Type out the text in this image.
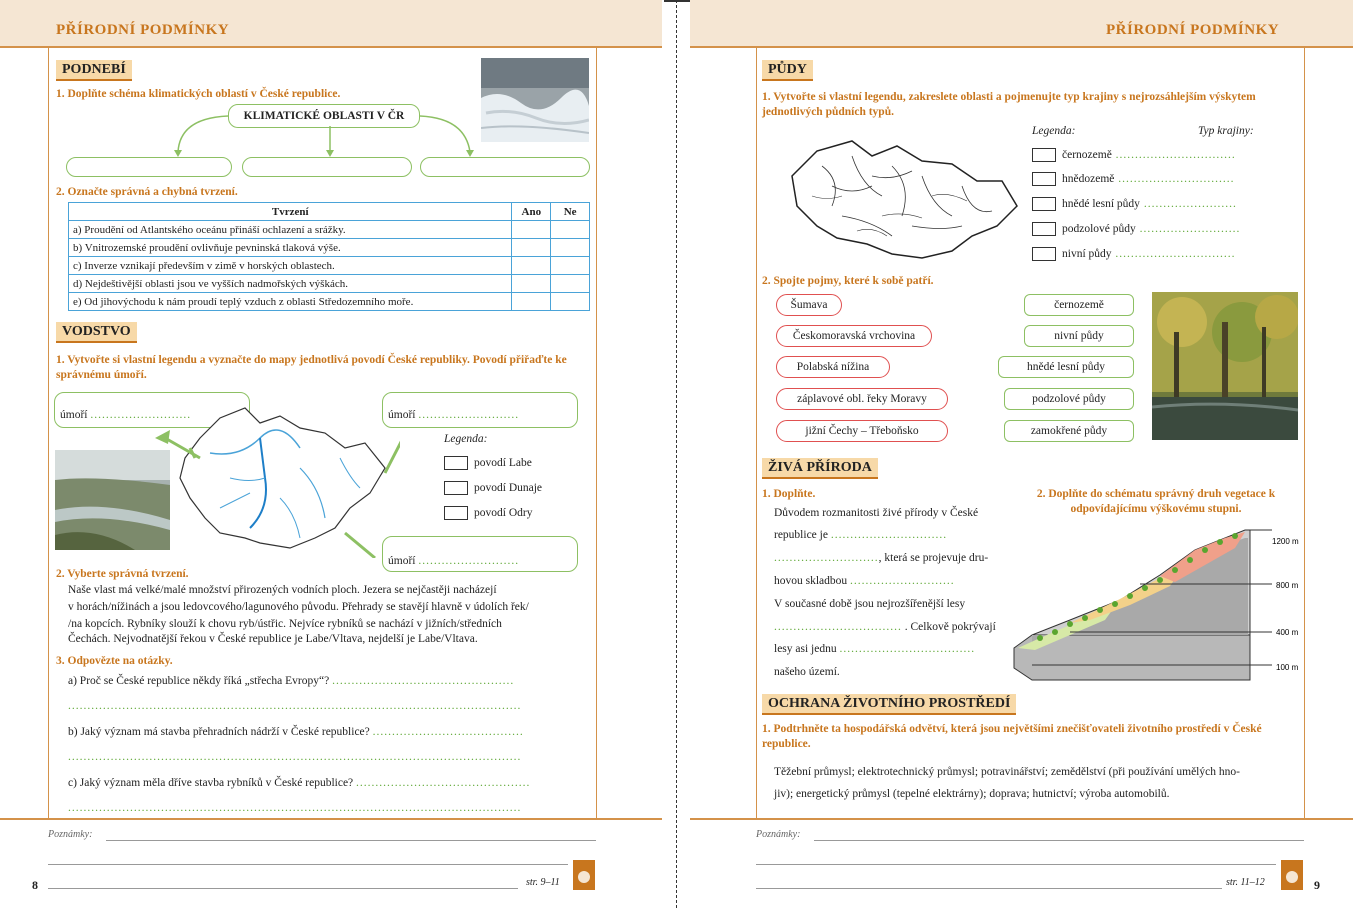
PŘÍRODNÍ PODMÍNKY
PODNEBÍ
1. Doplňte schéma klimatických oblastí v České republice.
KLIMATICKÉ OBLASTI V ČR
2. Označte správná a chybná tvrzení.
Tvrzení	Ano	Ne
a) Proudění od Atlantského oceánu přináší ochlazení a srážky.		
b) Vnitrozemské proudění ovlivňuje pevninská tlaková výše.		
c) Inverze vznikají především v zimě v horských oblastech.		
d) Nejdeštivější oblasti jsou ve vyšších nadmořských výškách.		
e) Od jihovýchodu k nám proudí teplý vzduch z oblasti Středozemního moře.		
VODSTVO
1. Vytvořte si vlastní legendu a vyznačte do mapy jednotlivá povodí České republiky. Povodí přiřaďte ke správnému úmoří.
úmoří ..........................	úmoří ..........................
úmoří ..........................
Legenda:
povodí Labe
povodí Dunaje
povodí Odry
2. Vyberte správná tvrzení.
Naše vlast má velké/malé množství přirozených vodních ploch. Jezera se nejčastěji nacházejí
v horách/nížinách a jsou ledovcového/lagunového původu. Přehrady se stavějí hlavně v údolích řek/
/na kopcích. Rybníky slouží k chovu ryb/ústřic. Nejvíce rybníků se nachází v jižních/středních
Čechách. Nejvodnatější řekou v České republice je Labe/Vltava, nejdelší je Labe/Vltava.
3. Odpovězte na otázky.
a) Proč se České republice někdy říká „střecha Evropy“? ...............................................
.....................................................................................................................
b) Jaký význam má stavba přehradních nádrží v České republice? .......................................
.....................................................................................................................
c) Jaký význam měla dříve stavba rybníků v České republice? .............................................
.....................................................................................................................
Poznámky:
str. 9–11
8
PŘÍRODNÍ PODMÍNKY
PŮDY
1. Vytvořte si vlastní legendu, zakreslete oblasti a pojmenujte typ krajiny s nejrozsáhlejším výskytem jednotlivých půdních typů.
Legenda:	Typ krajiny:
černozemě ...............................
hnědozemě ..............................
hnědé lesní půdy ........................
podzolové půdy ..........................
nivní půdy ...............................
2. Spojte pojmy, které k sobě patří.
Šumava
Českomoravská vrchovina
Polabská nížina
záplavové obl. řeky Moravy
jižní Čechy – Třeboňsko
černozemě
nivní půdy
hnědé lesní půdy
podzolové půdy
zamokřené půdy
ŽIVÁ PŘÍRODA
1. Doplňte.
Důvodem rozmanitosti živé přírody v České
republice je ..............................
..........................., která se projevuje dru-
hovou skladbou ...........................
V současné době jsou nejrozšířenější lesy
................................. . Celkově pokrývají
lesy asi jednu ...................................
našeho území.
2. Doplňte do schématu správný druh vegetace k odpovídajícímu výškovému stupni.
1200 m
800 m
400 m
100 m
OCHRANA ŽIVOTNÍHO PROSTŘEDÍ
1. Podtrhněte ta hospodářská odvětví, která jsou největšími znečišťovateli životního prostředí v České republice.
Těžební průmysl; elektrotechnický průmysl; potravinářství; zemědělství (při používání umělých hno-
jiv); energetický průmysl (tepelné elektrárny); doprava; hutnictví; výroba automobilů.
Poznámky:
str. 11–12	9
